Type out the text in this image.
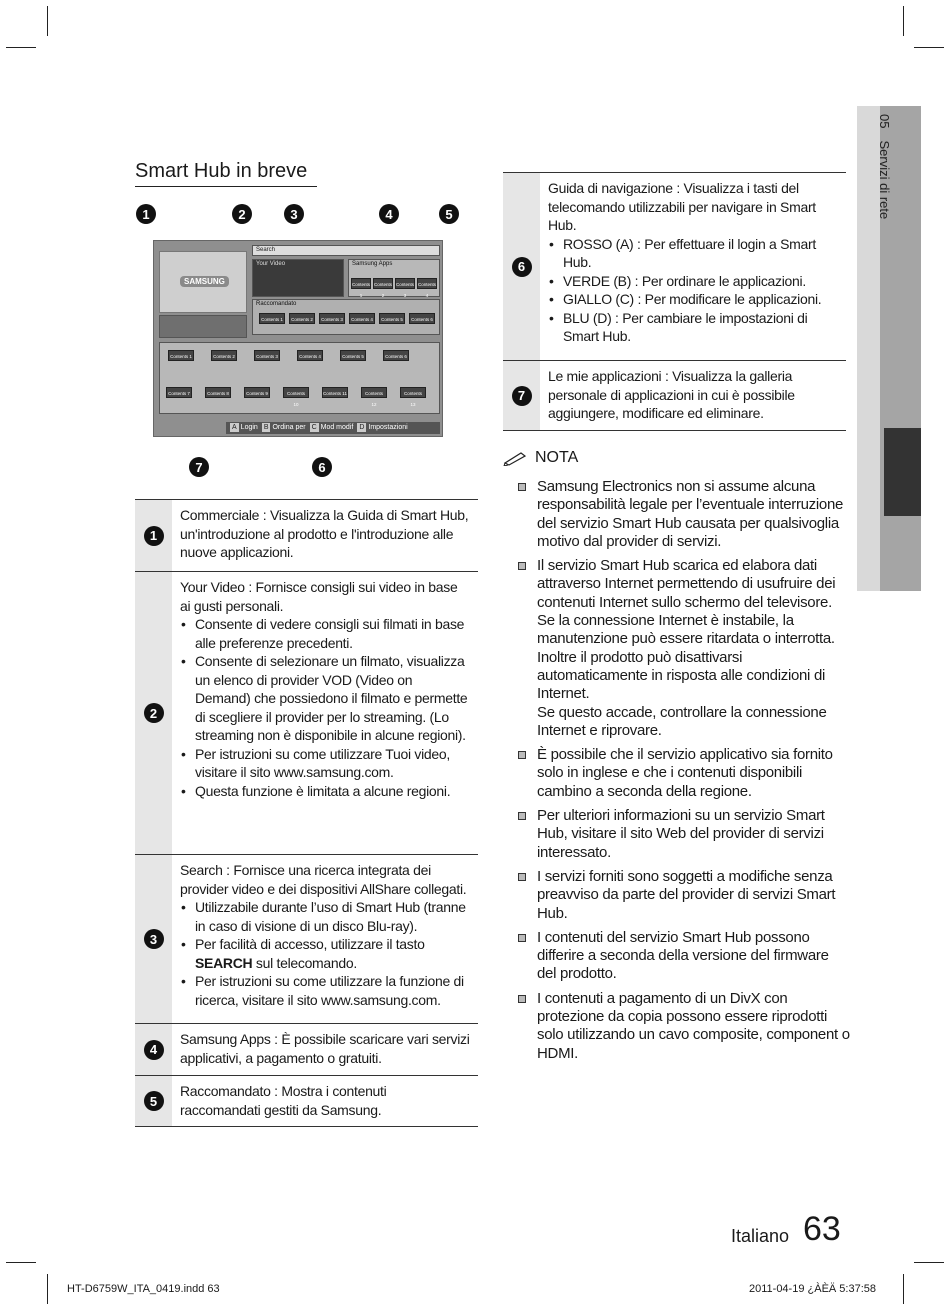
05Servizi di rete
Smart Hub in breve
SAMSUNG
Search
Your Video	Samsung Apps
Contents 1
Contents 2
Contents 3
Contents 4
Raccomandato
Contents 1	Contents 2	Contents 3	Contents 4	Contents 5	Contents 6
Contents 1	Contents 2	Contents 3	Contents 4	Contents 5	Contents 6
Contents 7	Contents 8	Contents 9	Contents 10
Contents 11	Contents 12
Contents 13
A Login B Ordina per C Mod modif D Impostazioni
1
Commerciale : Visualizza la Guida di Smart Hub, un'introduzione al prodotto e l'introduzione alle nuove applicazioni.
2
Your Video : Fornisce consigli sui video in base ai gusti personali.
• Consente di vedere consigli sui filmati in base alle preferenze precedenti.
• Consente di selezionare un filmato, visualizza un elenco di provider VOD (Video on Demand) che possiedono il filmato e permette di scegliere il provider per lo streaming. (Lo streaming non è disponibile in alcune regioni).
• Per istruzioni su come utilizzare Tuoi video, visitare il sito www.samsung.com.
• Questa funzione è limitata a alcune regioni.
3
Search : Fornisce una ricerca integrata dei provider video e dei dispositivi AllShare collegati.
• Utilizzabile durante l’uso di Smart Hub (tranne in caso di visione di un disco Blu-ray).
• Per facilità di accesso, utilizzare il tasto SEARCH sul telecomando.
• Per istruzioni su come utilizzare la funzione di ricerca, visitare il sito www.samsung.com.
4
Samsung Apps : È possibile scaricare vari servizi applicativi, a pagamento o gratuiti.
5
Raccomandato : Mostra i contenuti raccomandati gestiti da Samsung.
6
Guida di navigazione : Visualizza i tasti del telecomando utilizzabili per navigare in Smart Hub.
• ROSSO (A) : Per effettuare il login a Smart Hub.
• VERDE (B) : Per ordinare le applicazioni.
• GIALLO (C) : Per modificare le applicazioni.
• BLU (D) : Per cambiare le impostazioni di Smart Hub.
7
Le mie applicazioni : Visualizza la galleria personale di applicazioni in cui è possibile aggiungere, modificare ed eliminare.
NOTA
Samsung Electronics non si assume alcuna responsabilità legale per l’eventuale interruzione del servizio Smart Hub causata per qualsivoglia motivo dal provider di servizi.
Il servizio Smart Hub scarica ed elabora dati attraverso Internet permettendo di usufruire dei contenuti Internet sullo schermo del televisore. Se la connessione Internet è instabile, la manutenzione può essere ritardata o interrotta. Inoltre il prodotto può disattivarsi automaticamente in risposta alle condizioni di Internet.
Se questo accade, controllare la connessione Internet e riprovare.
È possibile che il servizio applicativo sia fornito solo in inglese e che i contenuti disponibili cambino a seconda della regione.
Per ulteriori informazioni su un servizio Smart Hub, visitare il sito Web del provider di servizi interessato.
I servizi forniti sono soggetti a modifiche senza preavviso da parte del provider di servizi Smart Hub.
I contenuti del servizio Smart Hub possono differire a seconda della versione del firmware del prodotto.
I contenuti a pagamento di un DivX con protezione da copia possono essere riprodotti solo utilizzando un cavo composite, component o HDMI.
Italiano 63
HT-D6759W_ITA_0419.indd 63	2011-04-19 ¿ÀÈÄ 5:37:58
1	2	3	4	5
7	6
